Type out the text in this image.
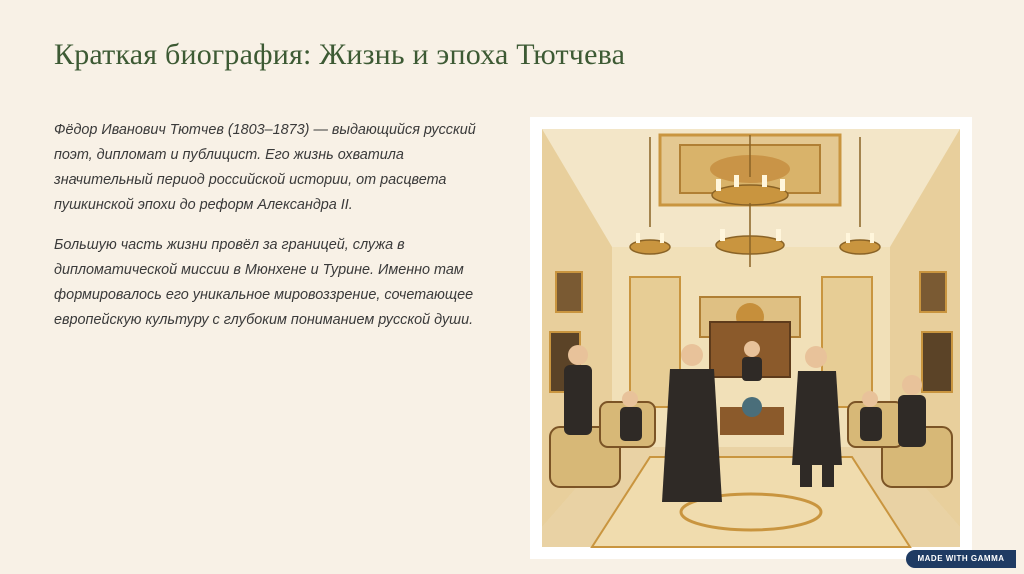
Краткая биография: Жизнь и эпоха Тютчева

Фёдор Иванович Тютчев (1803–1873) — выдающийся русский поэт, дипломат и публицист. Его жизнь охватила значительный период российской истории, от расцвета пушкинской эпохи до реформ Александра II.

Большую часть жизни провёл за границей, служа в дипломатической миссии в Мюнхене и Турине. Именно там формировалось его уникальное мировоззрение, сочетающее европейскую культуру с глубоким пониманием русской души.

MADE WITH GAMMA
